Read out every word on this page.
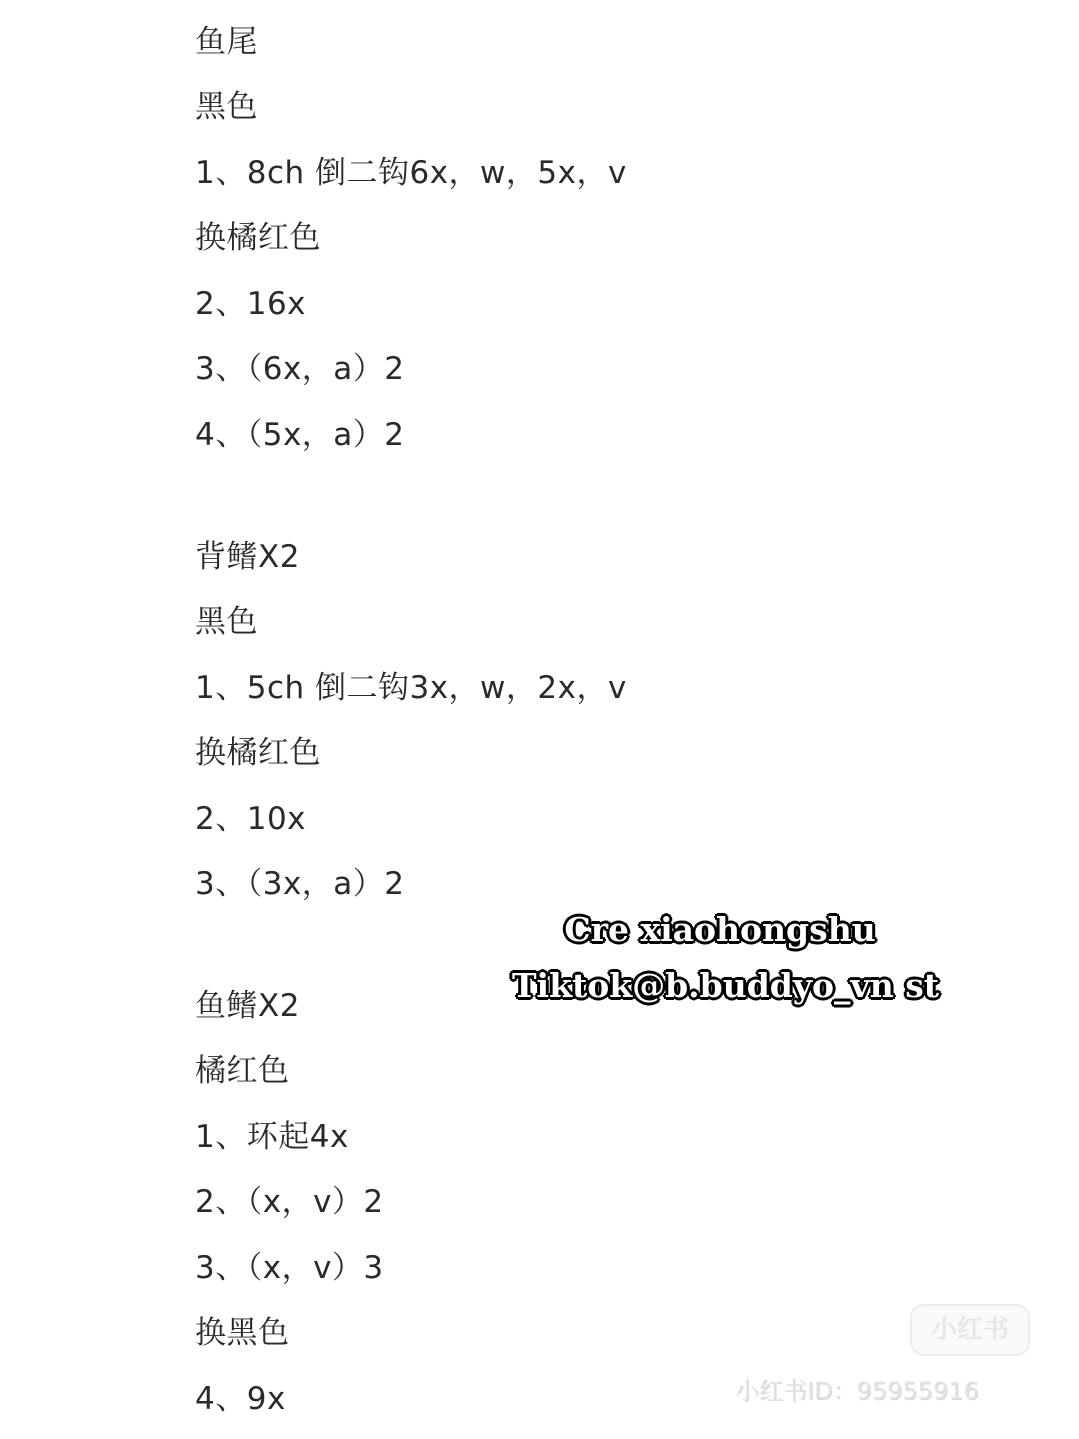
鱼尾
黑色
1、8ch 倒二钩6x，w，5x，v
换橘红色
2、16x
3、（6x，a）2
4、（5x，a）2
背鳍X2
黑色
1、5ch 倒二钩3x，w，2x，v
换橘红色
2、10x
3、（3x，a）2
鱼鳍X2
橘红色
1、环起4x
2、（x，v）2
3、（x，v）3
换黑色
4、9x
Cre xiaohongshu
Tiktok@b.buddyo_vn st
小红书
小红书ID：95955916
